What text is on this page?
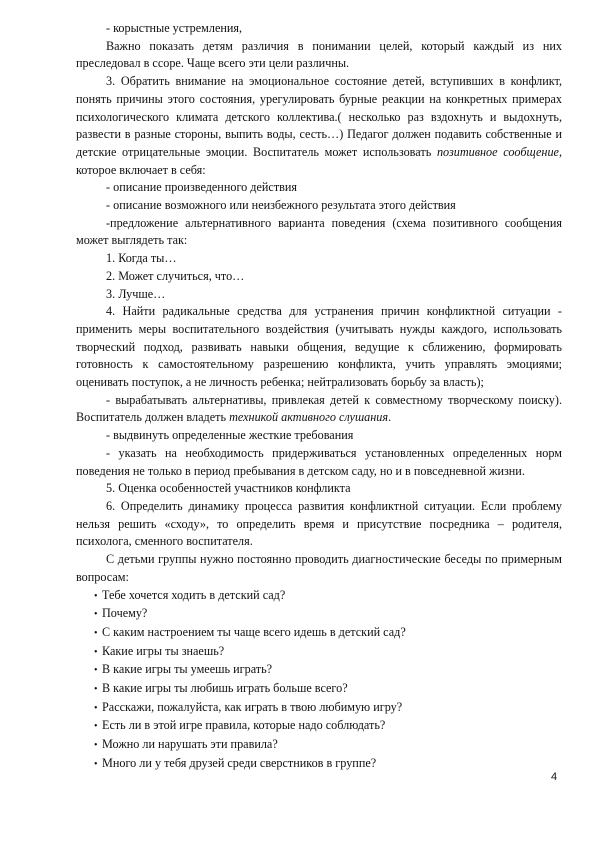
- корыстные устремления,

Важно показать детям различия в понимании целей, который каждый из них преследовал в ссоре. Чаще всего эти цели различны.

3. Обратить внимание на эмоциональное состояние детей, вступивших в конфликт, понять причины этого состояния, урегулировать бурные реакции на конкретных примерах психологического климата детского коллектива.( несколько раз вздохнуть и выдохнуть, развести в разные стороны, выпить воды, сесть…) Педагог должен подавить собственные и детские отрицательные эмоции. Воспитатель может использовать позитивное сообщение, которое включает в себя:

- описание произведенного действия

- описание возможного или неизбежного результата этого действия

-предложение альтернативного варианта поведения (схема позитивного сообщения может выглядеть так:

1. Когда ты…

2. Может случиться, что…

3. Лучше…

4. Найти радикальные средства для устранения причин конфликтной ситуации - применить меры воспитательного воздействия (учитывать нужды каждого, использовать творческий подход, развивать навыки общения, ведущие к сближению, формировать готовность к самостоятельному разрешению конфликта, учить управлять эмоциями; оценивать поступок, а не личность ребенка; нейтрализовать борьбу за власть);

- вырабатывать альтернативы, привлекая детей к совместному творческому поиску). Воспитатель должен владеть техникой активного слушания.

- выдвинуть определенные жесткие требования

- указать на необходимость придерживаться установленных определенных норм поведения не только в период пребывания в детском саду, но и в повседневной жизни.

5. Оценка особенностей участников конфликта

6. Определить динамику процесса развития конфликтной ситуации. Если проблему нельзя решить «сходу», то определить время и присутствие посредника – родителя, психолога, сменного воспитателя.

С детьми группы нужно постоянно проводить диагностические беседы по примерным вопросам:

• Тебе хочется ходить в детский сад?
• Почему?
• С каким настроением ты чаще всего идешь в детский сад?
• Какие игры ты знаешь?
• В какие игры ты умеешь играть?
• В какие игры ты любишь играть больше всего?
• Расскажи, пожалуйста, как играть в твою любимую игру?
• Есть ли в этой игре правила, которые надо соблюдать?
• Можно ли нарушать эти правила?
• Много ли у тебя друзей среди сверстников в группе?
4
